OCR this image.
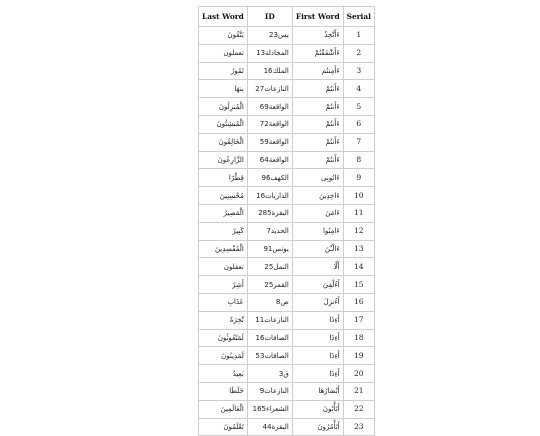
Last Word	ID	First Word	Serial
يَتَّقُونَ	يس23	ءَأَتَّخِذُ	1
تعملون	المجادلة13	ءَأَشْفَقْتُمْ	2
تَمُورُ	الملك16	ءَأَمِنتُم	3
بنهَا	النازعات27	ءَأَنتُمْ	4
الْمُنزِلُونَ	الواقعة69	ءَأَنتُمْ	5
الْمُنشِئُونَ	الواقعة72	ءَأَنتُمْ	6
الْخَالِقُونَ	الواقعة59	ءَأَنتُمْ	7
الزَّارِعُونَ	الواقعة64	ءَأَنتُمْ	8
قِطْرًا	الكهف96	ءَاتُونِى	9
مُحْسِنِينَ	الذاريات16	ءَاخِذِينَ	10
الْمَصِيرُ	البقرة285	ءَامَنَ	11
كَبِيرٌ	الحديد7	ءَامِنُوا	12
الْمُفْسِدِينَ	يونس91	ءَالْـَٰٔنَ	13
تعقلون	النمل25	أَلَّا	14
أَشِرٌ	القمر25	أَءُلْقِيَ	15
عَذَابِ	ص8	أَءُنزِلَ	16
نَّخِرَةً	النازعات11	أَءِذَا	17
لَمَبْعُوثُونَ	الصافات16	أَءِذَا	18
لَمَدِينُونَ	الصافات53	أَءِذَا	19
بَعِيدٌ	ق3	أَءِذَا	20
خَلَطَا	النازعات9	أَبْصَارُهَا	21
الْعَالَمِينَ	الشعراء165	أَتَأْتُونَ	22
تَعْلَمُونَ	البقرة44	أَتَأْمُرُونَ	23
